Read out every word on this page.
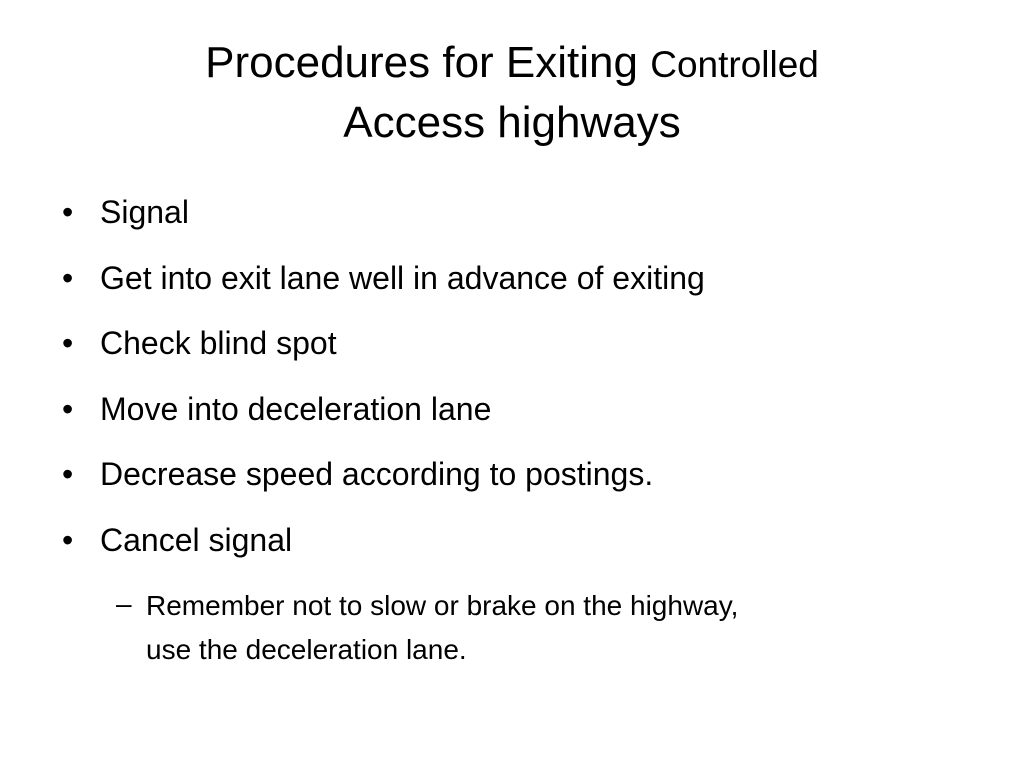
Procedures for Exiting Controlled
Access highways
• Signal
• Get into exit lane well in advance of exiting
• Check blind spot
• Move into deceleration lane
• Decrease speed according to postings.
• Cancel signal
– Remember not to slow or brake on the highway,
use the deceleration lane.
